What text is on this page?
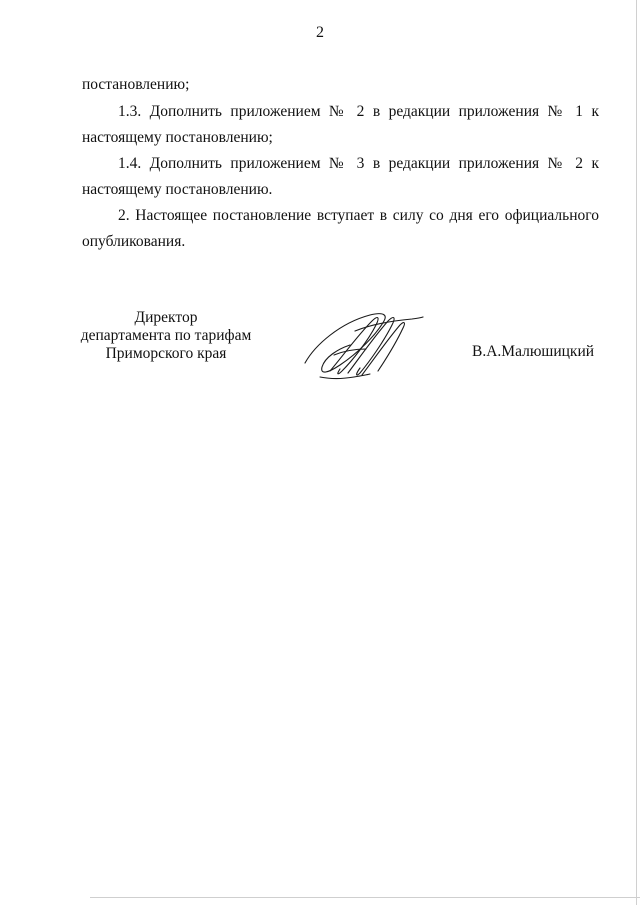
2
постановлению;
1.3. Дополнить приложением № 2 в редакции приложения № 1 к
настоящему постановлению;
1.4. Дополнить приложением № 3 в редакции приложения № 2 к
настоящему постановлению.
2. Настоящее постановление вступает в силу со дня его официального
опубликования.
Директор
департамента по тарифам
Приморского края	В.А.Малюшицкий
